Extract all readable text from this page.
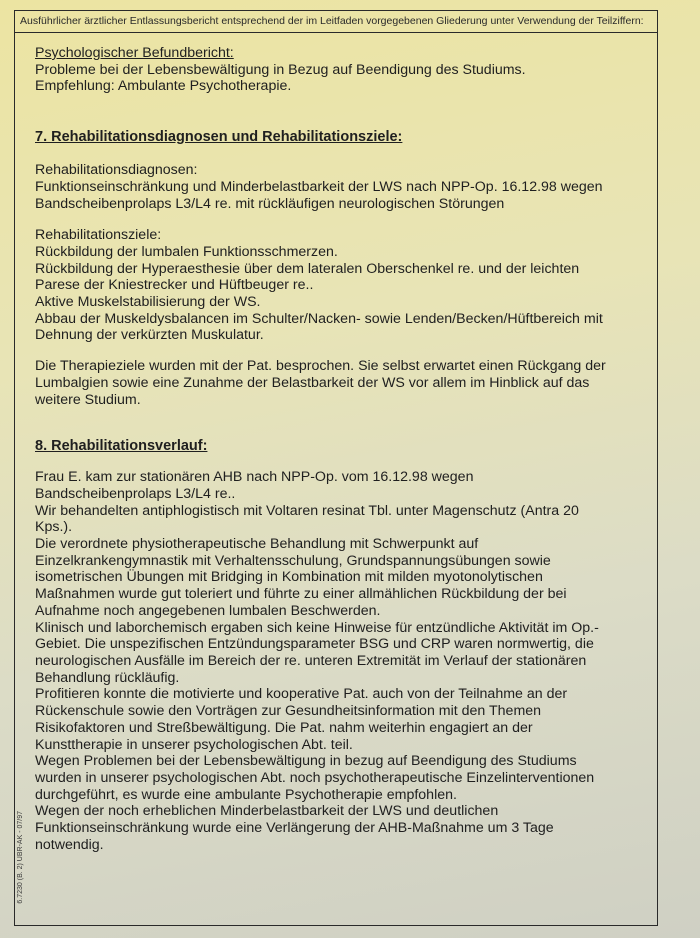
Ausführlicher ärztlicher Entlassungsbericht entsprechend der im Leitfaden vorgegebenen Gliederung unter Verwendung der Teilziffern:
Psychologischer Befundbericht:
Probleme bei der Lebensbewältigung in Bezug auf Beendigung des Studiums.
Empfehlung: Ambulante Psychotherapie.
7. Rehabilitationsdiagnosen und Rehabilitationsziele:
Rehabilitationsdiagnosen:
Funktionseinschränkung und Minderbelastbarkeit der LWS nach NPP-Op. 16.12.98 wegen
Bandscheibenprolaps L3/L4 re. mit rückläufigen neurologischen Störungen
Rehabilitationsziele:
Rückbildung der lumbalen Funktionsschmerzen.
Rückbildung der Hyperaesthesie über dem lateralen Oberschenkel re. und der leichten
Parese der Kniestrecker und Hüftbeuger re..
Aktive Muskelstabilisierung der WS.
Abbau der Muskeldysbalancen im Schulter/Nacken- sowie Lenden/Becken/Hüftbereich mit
Dehnung der verkürzten Muskulatur.
Die Therapieziele wurden mit der Pat. besprochen. Sie selbst erwartet einen Rückgang der
Lumbalgien sowie eine Zunahme der Belastbarkeit der WS vor allem im Hinblick auf das
weitere Studium.
8. Rehabilitationsverlauf:
Frau E. kam zur stationären AHB nach NPP-Op. vom 16.12.98 wegen
Bandscheibenprolaps L3/L4 re..
Wir behandelten antiphlogistisch mit Voltaren resinat Tbl. unter Magenschutz (Antra 20
Kps.).
Die verordnete physiotherapeutische Behandlung mit Schwerpunkt auf
Einzelkrankengymnastik mit Verhaltensschulung, Grundspannungsübungen sowie
isometrischen Übungen mit Bridging in Kombination mit milden myotonolytischen
Maßnahmen wurde gut toleriert und führte zu einer allmählichen Rückbildung der bei
Aufnahme noch angegebenen lumbalen Beschwerden.
Klinisch und laborchemisch ergaben sich keine Hinweise für entzündliche Aktivität im Op.-
Gebiet. Die unspezifischen Entzündungsparameter BSG und CRP waren normwertig, die
neurologischen Ausfälle im Bereich der re. unteren Extremität im Verlauf der stationären
Behandlung rückläufig.
Profitieren konnte die motivierte und kooperative Pat. auch von der Teilnahme an der
Rückenschule sowie den Vorträgen zur Gesundheitsinformation mit den Themen
Risikofaktoren und Streßbewältigung. Die Pat. nahm weiterhin engagiert an der
Kunsttherapie in unserer psychologischen Abt. teil.
Wegen Problemen bei der Lebensbewältigung in bezug auf Beendigung des Studiums
wurden in unserer psychologischen Abt. noch psychotherapeutische Einzelinterventionen
durchgeführt, es wurde eine ambulante Psychotherapie empfohlen.
Wegen der noch erheblichen Minderbelastbarkeit der LWS und deutlichen
Funktionseinschränkung wurde eine Verlängerung der AHB-Maßnahme um 3 Tage
notwendig.
6.7230 (B. 2) UBR-AK - 07/97
